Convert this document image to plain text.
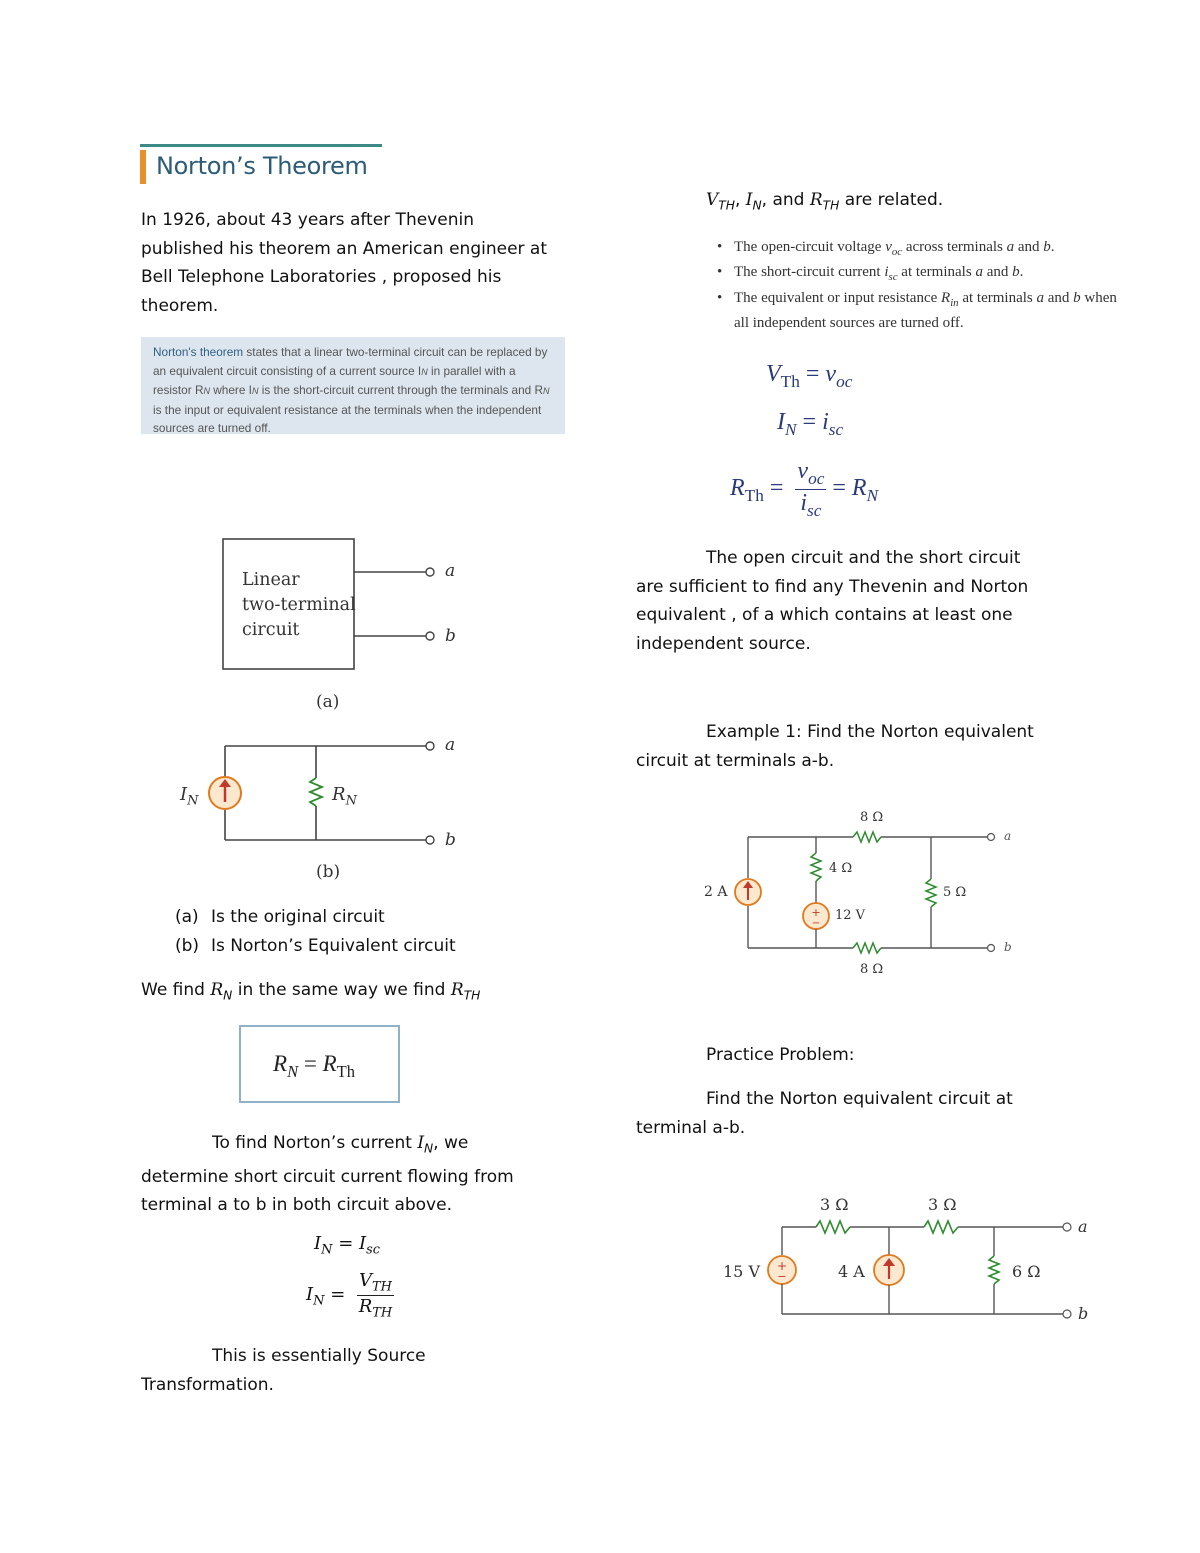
Norton’s Theorem
In 1926, about 43 years after Thevenin
published his theorem an American engineer at
Bell Telephone Laboratories , proposed his
theorem.

Norton's theorem states that a linear two-terminal circuit can be replaced by an equivalent circuit consisting of a current source IN in parallel with a resistor RN where IN is the short-circuit current through the terminals and RN is the input or equivalent resistance at the terminals when the independent sources are turned off.

Linear
two-terminal
circuit
a
b
(a)
$I_N$	$R_N$
a
b
(b)
(a) Is the original circuit
(b) Is Norton’s Equivalent circuit
We find $R_N$ in the same way we find $R_{TH}$
$R_N = R_{Th}$
To find Norton’s current $I_N$, we
determine short circuit current flowing from
terminal a to b in both circuit above.
$I_N = I_{sc}$
$I_N = \frac{V_{TH}}{R_{TH}}$
This is essentially Source
Transformation.
$V_{TH}$, $I_N$, and $R_{TH}$ are related.
• The open-circuit voltage $v_{oc}$ across terminals a and b.
• The short-circuit current $i_{sc}$ at terminals a and b.
• The equivalent or input resistance $R_{in}$ at terminals a and b when
all independent sources are turned off.
$V_{Th} = v_{oc}$
$I_N = i_{sc}$
$R_{Th} = \frac{v_{oc}}{i_{sc}} = R_N$
The open circuit and the short circuit
are sufficient to find any Thevenin and Norton
equivalent , of a which contains at least one
independent source.
Example 1: Find the Norton equivalent
circuit at terminals a-b.
+
−
2 A
8 Ω
4 Ω
12 V
5 Ω
8 Ω
a
b
Practice Problem:
Find the Norton equivalent circuit at
terminal a-b.
+
−
15 V
3 Ω	3 Ω
4 A	6 Ω
a
b
